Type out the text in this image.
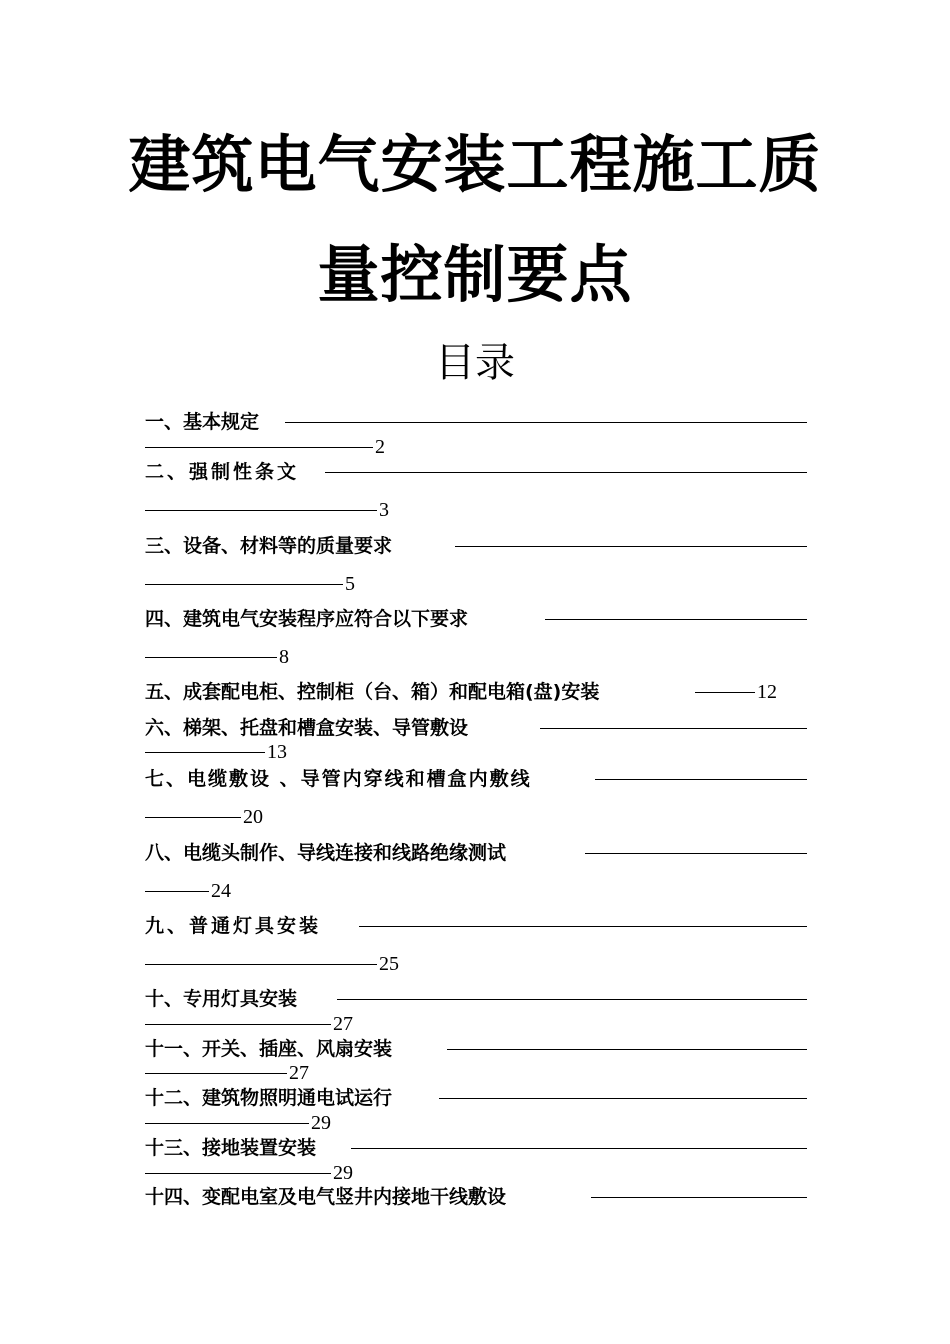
建筑电气安装工程施工质
量控制要点
目录
一、基本规定
2
二、强制性条文
3
三、设备、材料等的质量要求
5
四、建筑电气安装程序应符合以下要求
8
五、成套配电柜、控制柜（台、箱）和配电箱(盘)安装	12
六、梯架、托盘和槽盒安装、导管敷设
13
七、电缆敷设 、导管内穿线和槽盒内敷线
20
八、电缆头制作、导线连接和线路绝缘测试
24
九、普通灯具安装
25
十、专用灯具安装
27
十一、开关、插座、风扇安装
27
十二、建筑物照明通电试运行
29
十三、接地装置安装
29
十四、变配电室及电气竖井内接地干线敷设
